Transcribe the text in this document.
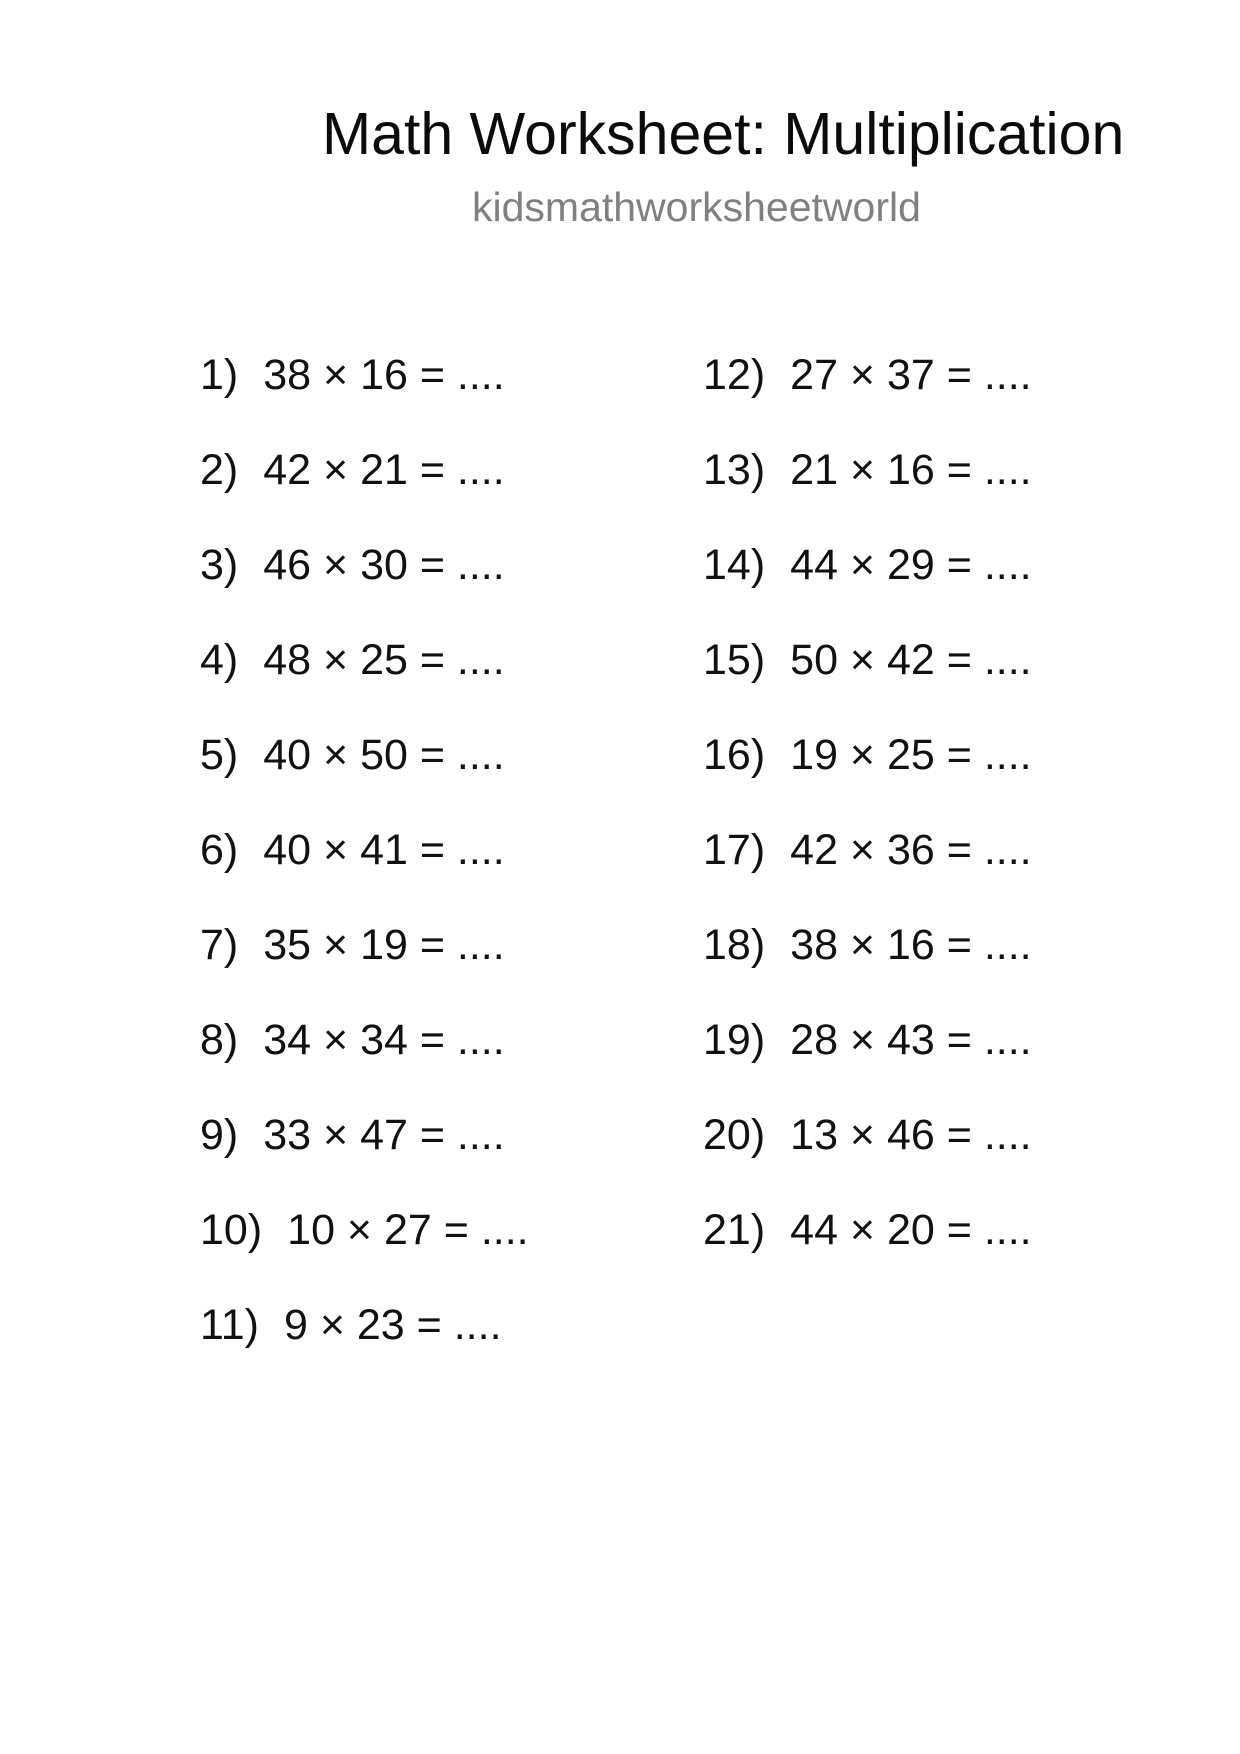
Math Worksheet: Multiplication
kidsmathworksheetworld
1) 38 × 16 = ....
2) 42 × 21 = ....
3) 46 × 30 = ....
4) 48 × 25 = ....
5) 40 × 50 = ....
6) 40 × 41 = ....
7) 35 × 19 = ....
8) 34 × 34 = ....
9) 33 × 47 = ....
10) 10 × 27 = ....
11) 9 × 23 = ....
12) 27 × 37 = ....
13) 21 × 16 = ....
14) 44 × 29 = ....
15) 50 × 42 = ....
16) 19 × 25 = ....
17) 42 × 36 = ....
18) 38 × 16 = ....
19) 28 × 43 = ....
20) 13 × 46 = ....
21) 44 × 20 = ....
